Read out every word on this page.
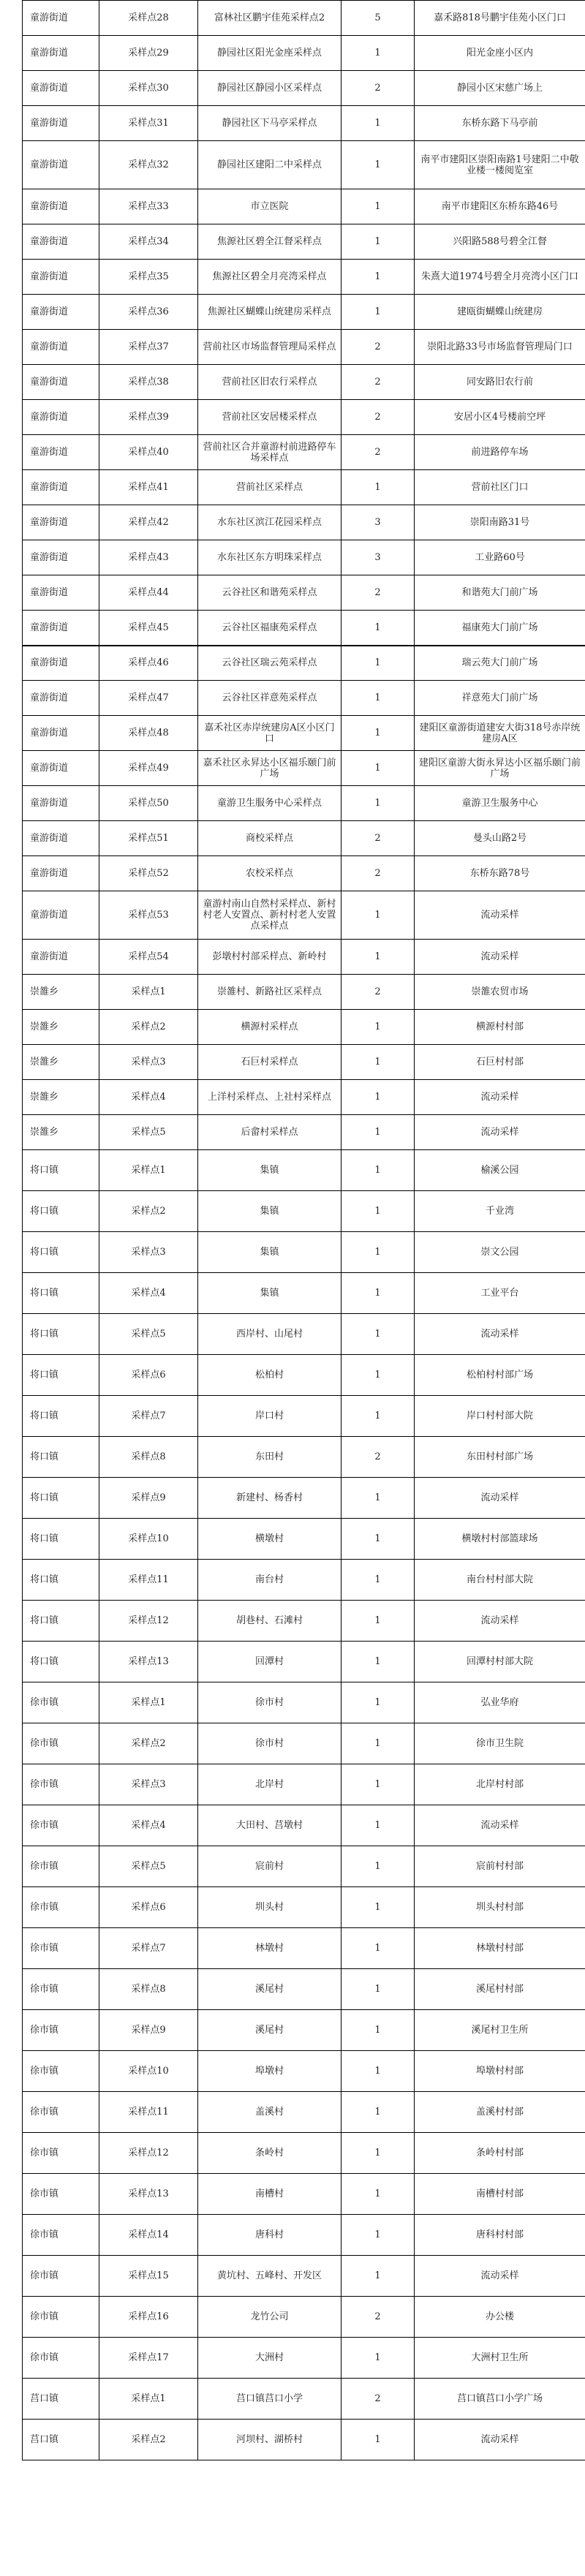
童游街道	采样点28	富林社区鹏宇佳苑采样点2	5	嘉禾路818号鹏宇佳苑小区门口
童游街道	采样点29	静园社区阳光金座采样点	1	阳光金座小区内
童游街道	采样点30	静园社区静园小区采样点	2	静园小区宋慈广场上
童游街道	采样点31	静园社区下马亭采样点	1	东桥东路下马亭前
童游街道	采样点32	静园社区建阳二中采样点	1	南平市建阳区崇阳南路1号建阳二中敬业楼一楼阅览室
童游街道	采样点33	市立医院	1	南平市建阳区东桥东路46号
童游街道	采样点34	焦源社区碧全江督采样点	1	兴阳路588号碧全江督
童游街道	采样点35	焦源社区碧全月亮湾采样点	1	朱熹大道1974号碧全月亮湾小区门口
童游街道	采样点36	焦源社区蝴蝶山统建房采样点	1	建瓯街蝴蝶山统建房
童游街道	采样点37	营前社区市场监督管理局采样点	2	崇阳北路33号市场监督管理局门口
童游街道	采样点38	营前社区旧农行采样点	2	同安路旧农行前
童游街道	采样点39	营前社区安居楼采样点	2	安居小区4号楼前空坪
童游街道	采样点40	营前社区合并童游村前进路停车场采样点	2	前进路停车场
童游街道	采样点41	营前社区采样点	1	营前社区门口
童游街道	采样点42	水东社区滨江花园采样点	3	崇阳南路31号
童游街道	采样点43	水东社区东方明珠采样点	3	工业路60号
童游街道	采样点44	云谷社区和谐苑采样点	2	和谐苑大门前广场
童游街道	采样点45	云谷社区福康苑采样点	1	福康苑大门前广场
童游街道	采样点46	云谷社区瑞云苑采样点	1	瑞云苑大门前广场
童游街道	采样点47	云谷社区祥意苑采样点	1	祥意苑大门前广场
童游街道	采样点48	嘉禾社区赤岸统建房A区小区门口	1	建阳区童游街道建安大街318号赤岸统建房A区
童游街道	采样点49	嘉禾社区永昇达小区福乐颐门前广场	1	建阳区童游大街永昇达小区福乐颐门前广场
童游街道	采样点50	童游卫生服务中心采样点	1	童游卫生服务中心
童游街道	采样点51	商校采样点	2	曼头山路2号
童游街道	采样点52	农校采样点	2	东桥东路78号
童游街道	采样点53	童游村南山自然村采样点、新村村老人安置点、新村村老人安置点采样点	1	流动采样
童游街道	采样点54	彭墩村村部采样点、新岭村	1	流动采样
崇雒乡	采样点1	崇雒村、新路社区采样点	2	崇雒农贸市场
崇雒乡	采样点2	横源村采样点	1	横源村村部
崇雒乡	采样点3	石巨村采样点	1	石巨村村部
崇雒乡	采样点4	上洋村采样点、上社村采样点	1	流动采样
崇雒乡	采样点5	后畲村采样点	1	流动采样
将口镇	采样点1	集镇	1	榆溪公园
将口镇	采样点2	集镇	1	千业湾
将口镇	采样点3	集镇	1	崇文公园
将口镇	采样点4	集镇	1	工业平台
将口镇	采样点5	西岸村、山尾村	1	流动采样
将口镇	采样点6	松柏村	1	松柏村村部广场
将口镇	采样点7	岸口村	1	岸口村村部大院
将口镇	采样点8	东田村	2	东田村村部广场
将口镇	采样点9	新建村、杨香村	1	流动采样
将口镇	采样点10	横墩村	1	横墩村村部篮球场
将口镇	采样点11	南台村	1	南台村村部大院
将口镇	采样点12	胡巷村、石滩村	1	流动采样
将口镇	采样点13	回潭村	1	回潭村村部大院
徐市镇	采样点1	徐市村	1	弘业华府
徐市镇	采样点2	徐市村	1	徐市卫生院
徐市镇	采样点3	北岸村	1	北岸村村部
徐市镇	采样点4	大田村、莒墩村	1	流动采样
徐市镇	采样点5	宸前村	1	宸前村村部
徐市镇	采样点6	圳头村	1	圳头村村部
徐市镇	采样点7	林墩村	1	林墩村村部
徐市镇	采样点8	溪尾村	1	溪尾村村部
徐市镇	采样点9	溪尾村	1	溪尾村卫生所
徐市镇	采样点10	埠墩村	1	埠墩村村部
徐市镇	采样点11	盖溪村	1	盖溪村村部
徐市镇	采样点12	条岭村	1	条岭村村部
徐市镇	采样点13	南槽村	1	南槽村村部
徐市镇	采样点14	唐科村	1	唐科村村部
徐市镇	采样点15	黄坑村、五峰村、开发区	1	流动采样
徐市镇	采样点16	龙竹公司	2	办公楼
徐市镇	采样点17	大洲村	1	大洲村卫生所
莒口镇	采样点1	莒口镇莒口小学	2	莒口镇莒口小学广场
莒口镇	采样点2	河坝村、湖桥村	1	流动采样
